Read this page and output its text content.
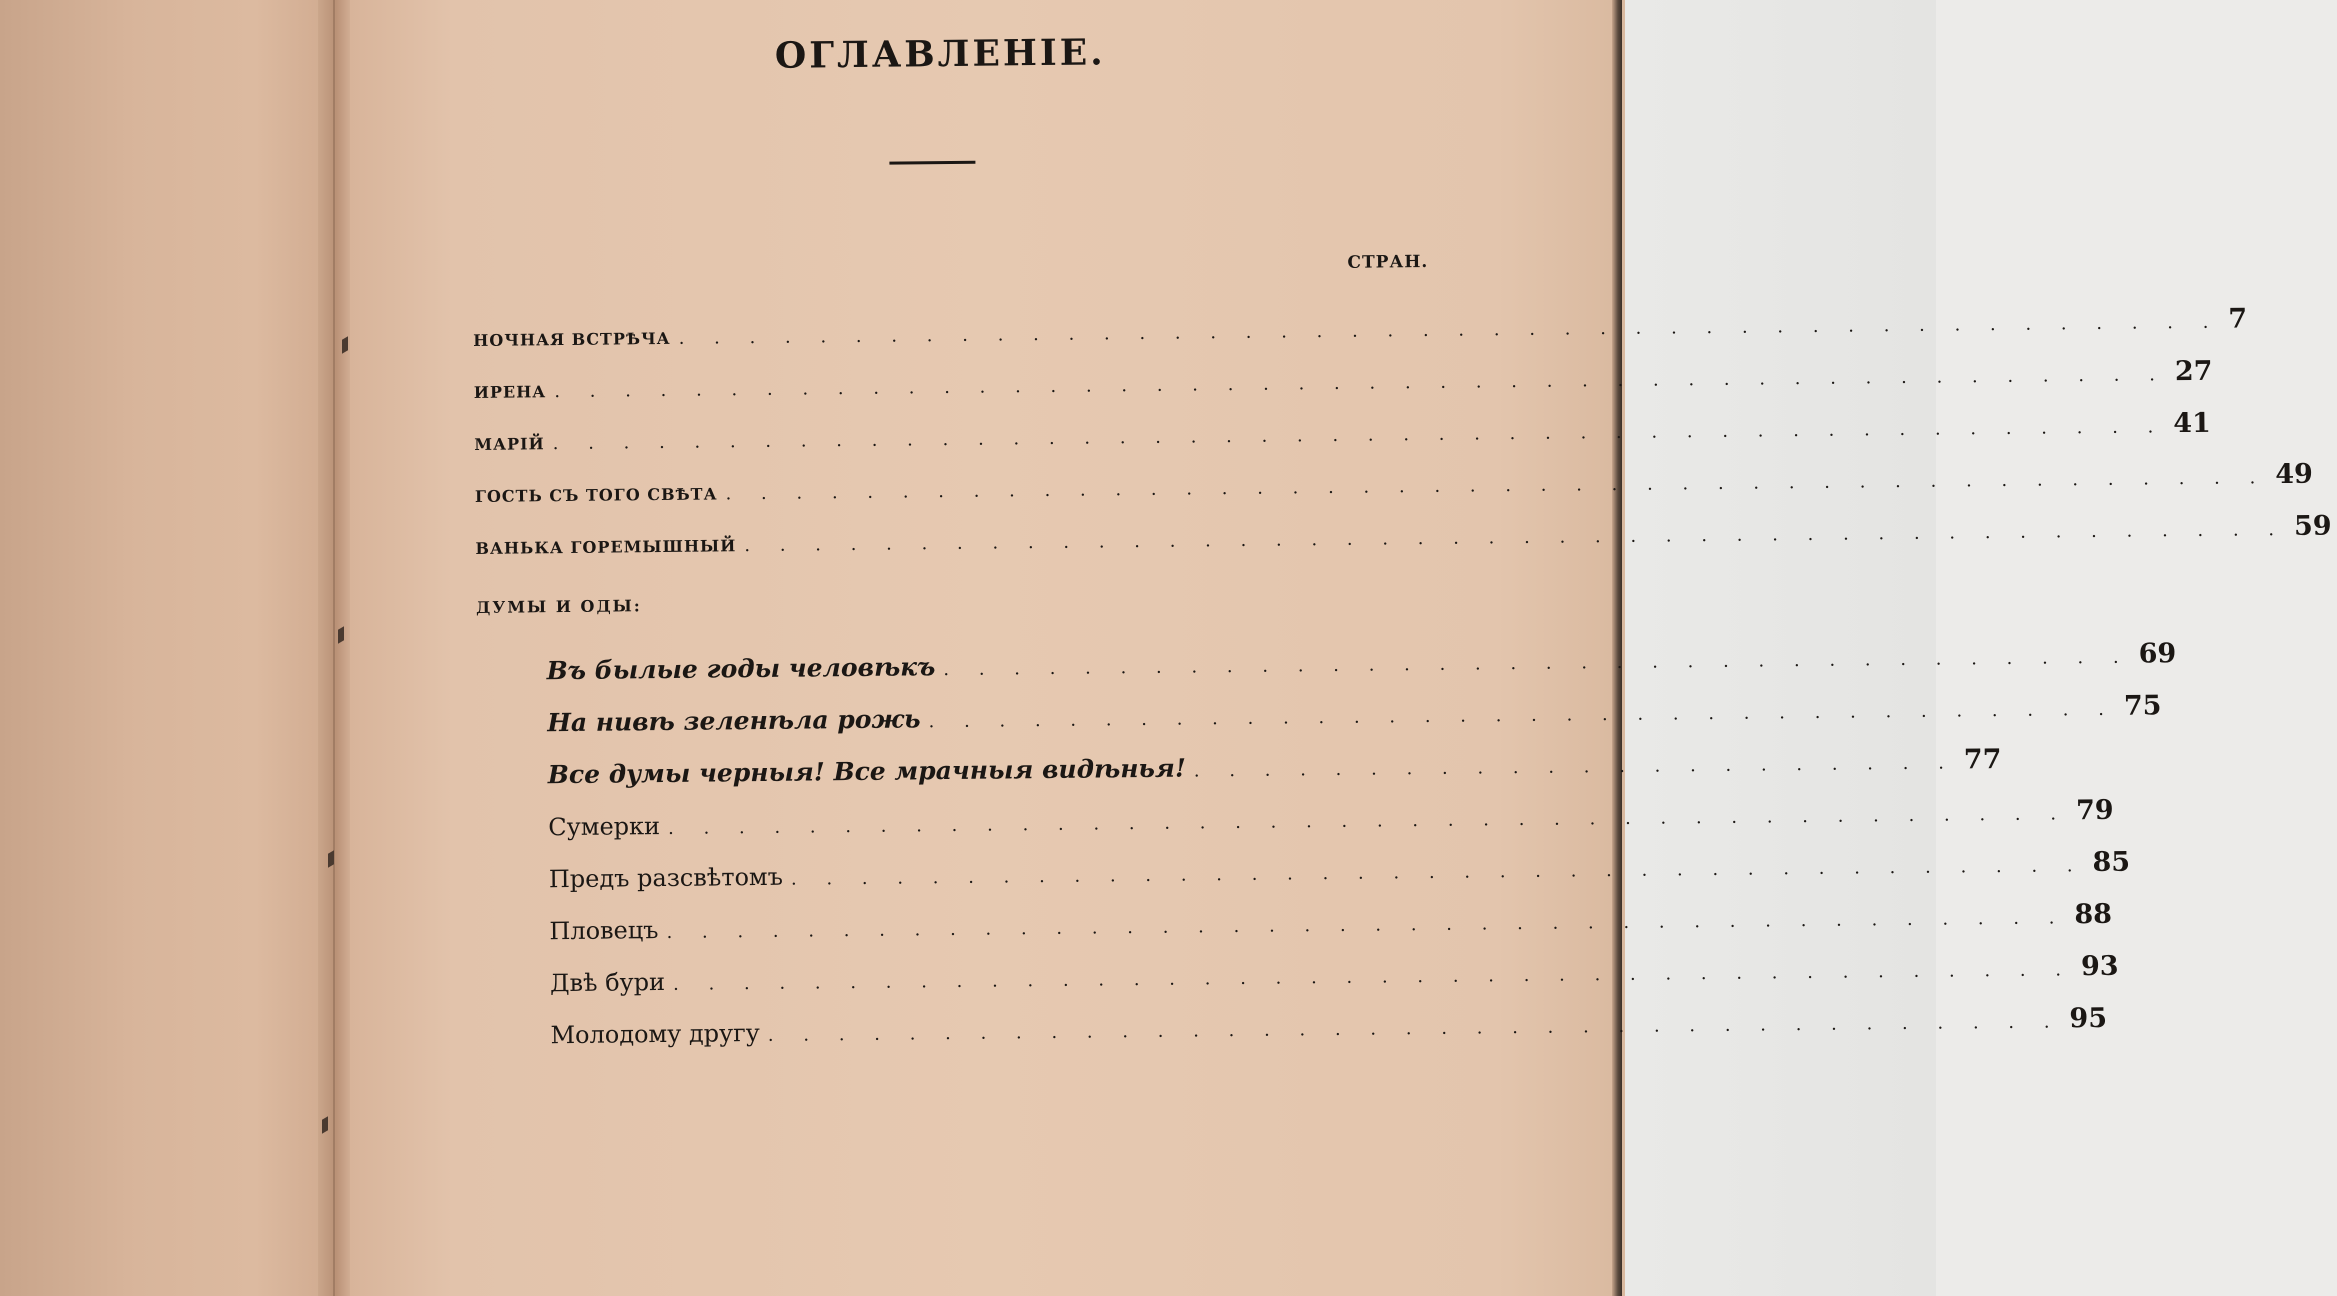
ОГЛАВЛЕНІЕ.
СТРАН.
НОЧНАЯ ВСТРѢЧА . . . . . . . . . . . . . . . . . . . . . . . . . . . . . . . . . . . . . . . . . . . . 7
ИРЕНА . . . . . . . . . . . . . . . . . . . . . . . . . . . . . . . . . . . . . . . . . . . . . . 27
МАРІЙ . . . . . . . . . . . . . . . . . . . . . . . . . . . . . . . . . . . . . . . . . . . . . . 41
ГОСТЬ СЪ ТОГО СВѢТА . . . . . . . . . . . . . . . . . . . . . . . . . . . . . . . . . . . . . . . . . . . . 49
ВАНЬКА ГОРЕМЫШНЫЙ . . . . . . . . . . . . . . . . . . . . . . . . . . . . . . . . . . . . . . . . . . . . 59
ДУМЫ И ОДЫ:
Въ былые годы человѣкъ . . . . . . . . . . . . . . . . . . . . . . . . . . . . . . . . . . 69
На нивѣ зеленѣла рожь . . . . . . . . . . . . . . . . . . . . . . . . . . . . . . . . . . 75
Все думы черныя! Все мрачныя видѣнья! . . . . . . . . . . . . . . . . . . . . . . 77
Сумерки . . . . . . . . . . . . . . . . . . . . . . . . . . . . . . . . . . . . . . . . 79
Предъ разсвѣтомъ . . . . . . . . . . . . . . . . . . . . . . . . . . . . . . . . . . . . . 85
Пловецъ . . . . . . . . . . . . . . . . . . . . . . . . . . . . . . . . . . . . . . . . 88
Двѣ бури . . . . . . . . . . . . . . . . . . . . . . . . . . . . . . . . . . . . . . . . 93
Молодому другу . . . . . . . . . . . . . . . . . . . . . . . . . . . . . . . . . . . . . 95
